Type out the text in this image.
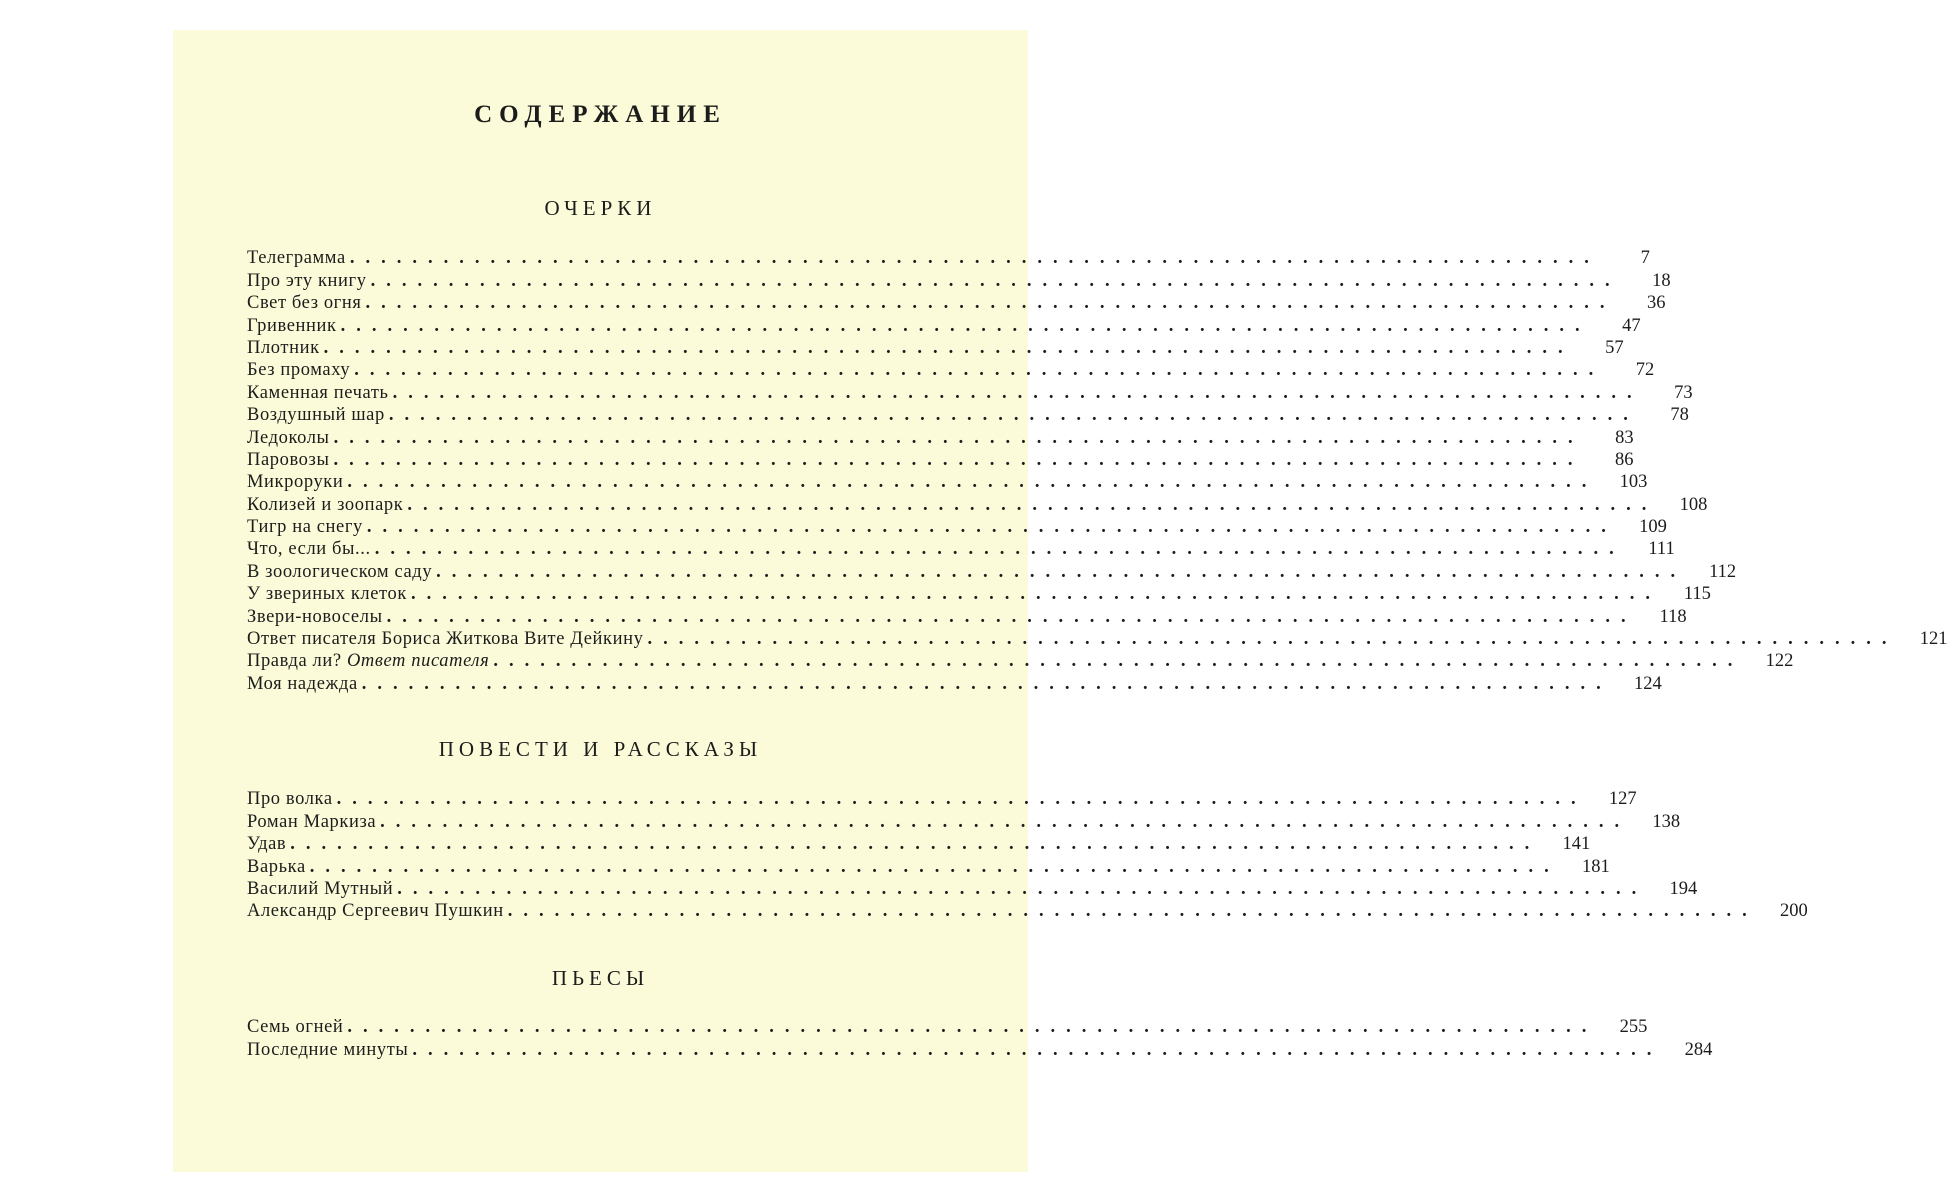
СОДЕРЖАНИЕ
ОЧЕРКИ
Телеграмма ................................................................................	7
Про эту книгу ................................................................................	18
Свет без огня ................................................................................	36
Гривенник ................................................................................	47
Плотник ................................................................................	57
Без промаху ................................................................................	72
Каменная печать ................................................................................	73
Воздушный шар ................................................................................	78
Ледоколы ................................................................................	83
Паровозы ................................................................................	86
Микроруки ................................................................................	103
Колизей и зоопарк ................................................................................	108
Тигр на снегу ................................................................................	109
Что, если бы... ................................................................................	111
В зоологическом саду ................................................................................	112
У звериных клеток ................................................................................	115
Звери-новоселы ................................................................................	118
Ответ писателя Бориса Житкова Вите Дейкину ................................................................................	121
Правда ли? Ответ писателя ................................................................................	122
Моя надежда ................................................................................	124
ПОВЕСТИ И РАССКАЗЫ
Про волка ................................................................................	127
Роман Маркиза ................................................................................	138
Удав ................................................................................	141
Варька ................................................................................	181
Василий Мутный ................................................................................	194
Александр Сергеевич Пушкин ................................................................................	200
ПЬЕСЫ
Семь огней ................................................................................	255
Последние минуты ................................................................................	284
